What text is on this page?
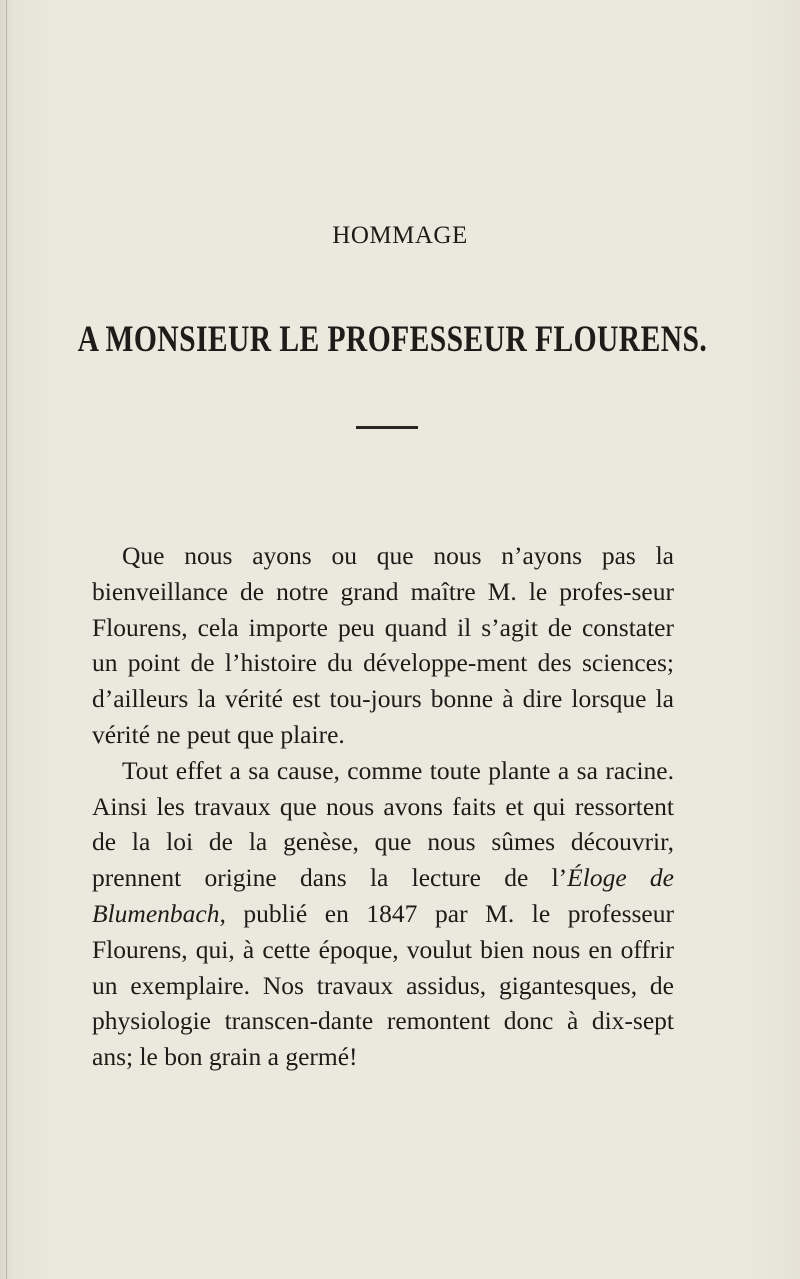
HOMMAGE
A MONSIEUR LE PROFESSEUR FLOURENS.

Que nous ayons ou que nous n’ayons pas la bienveillance de notre grand maître M. le profes-seur Flourens, cela importe peu quand il s’agit de constater un point de l’histoire du développe-ment des sciences; d’ailleurs la vérité est tou-jours bonne à dire lorsque la vérité ne peut que plaire.

Tout effet a sa cause, comme toute plante a sa racine. Ainsi les travaux que nous avons faits et qui ressortent de la loi de la genèse, que nous sûmes découvrir, prennent origine dans la lecture de l’Éloge de Blumenbach, publié en 1847 par M. le professeur Flourens, qui, à cette époque, voulut bien nous en offrir un exemplaire. Nos travaux assidus, gigantesques, de physiologie transcen-dante remontent donc à dix-sept ans; le bon grain a germé!
